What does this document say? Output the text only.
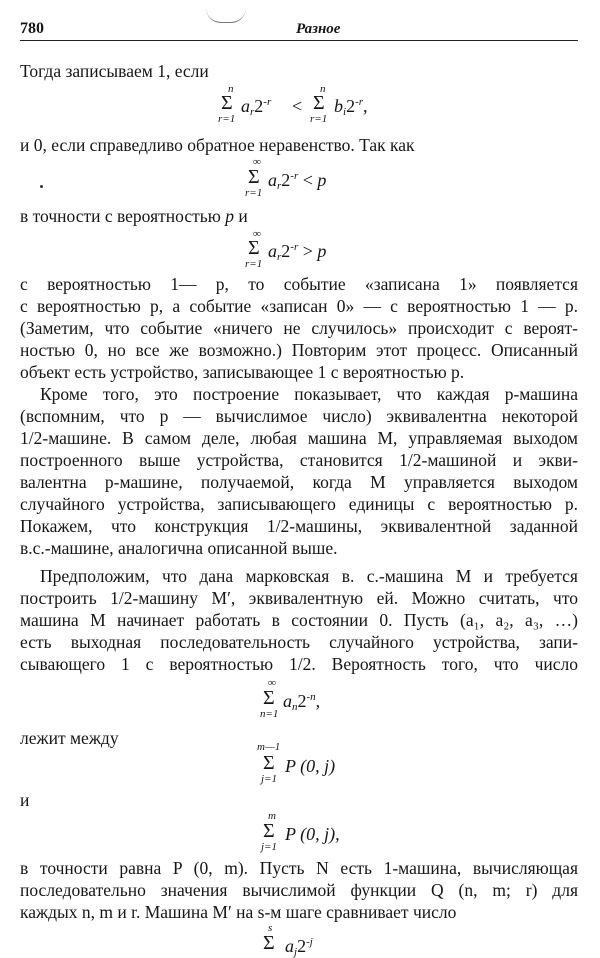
780	Разное
Тогда записываем 1, если
n
Σ
r=1
$a_r2^{-r}$ <
n
Σ
r=1
$b_i2^{-r}$,
и 0, если справедливо обратное неравенство. Так как
∞
Σ
r=1
$a_r2^{-r} < p$
в точности с вероятностью p и
∞
Σ
r=1
$a_r2^{-r} > p$
с вероятностью 1— p, то событие «записана 1» появляется
с вероятностью p, а событие «записан 0» — с вероятностью 1 — p.
(Заметим, что событие «ничего не случилось» происходит с вероят-
ностью 0, но все же возможно.) Повторим этот процесс. Описанный
объект есть устройство, записывающее 1 с вероятностью p.
Кроме того, это построение показывает, что каждая p-машина
(вспомним, что p — вычислимое число) эквивалентна некоторой
1/2-машине. В самом деле, любая машина M, управляемая выходом
построенного выше устройства, становится 1/2-машиной и экви-
валентна p-машине, получаемой, когда M управляется выходом
случайного устройства, записывающего единицы с вероятностью p.
Покажем, что конструкция 1/2-машины, эквивалентной заданной
в.с.-машине, аналогична описанной выше.
Предположим, что дана марковская в. с.-машина M и требуется
построить 1/2-машину M′, эквивалентную ей. Можно считать, что
машина M начинает работать в состоянии 0. Пусть (a₁, a₂, a₃, …)
есть выходная последовательность случайного устройства, запи-
сывающего 1 с вероятностью 1/2. Вероятность того, что число
∞
Σ
n=1
$a_n2^{-n}$,
лежит между	m—1
Σ
j=1
P (0, j)
и
m
Σ
j=1
P (0, j),
в точности равна P (0, m). Пусть N есть 1-машина, вычисляющая
последовательно значения вычислимой функции Q (n, m; r) для
каждых n, m и r. Машина M′ на s-м шаге сравнивает число
s
Σ $a_j2^{-j}$
